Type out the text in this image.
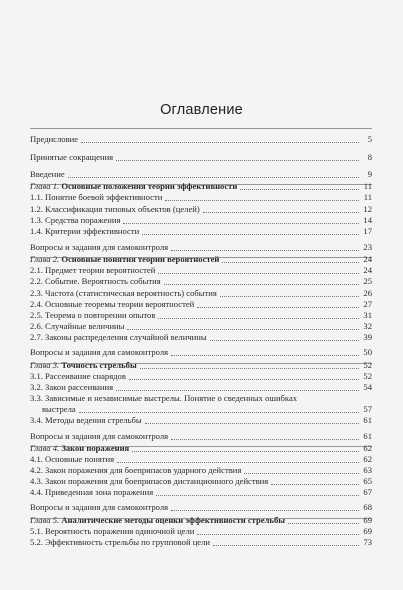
Оглавление
Предисловие	5
Принятые сокращения	8
Введение	9
Глава 1. Основные положения теории эффективности	11
1.1. Понятие боевой эффективности	11
1.2. Классификация типовых объектов (целей)	12
1.3. Средства поражения	14
1.4. Критерии эффективности	17
Вопросы и задания для самоконтроля	23
Глава 2. Основные понятия теории вероятностей	24
2.1. Предмет теории вероятностей	24
2.2. Событие. Вероятность события	25
2.3. Частота (статистическая вероятность) события	26
2.4. Основные теоремы теории вероятностей	27
2.5. Теорема о повторении опытов	31
2.6. Случайные величины	32
2.7. Законы распределения случайной величины	39
Вопросы и задания для самоконтроля	50
Глава 3. Точность стрельбы	52
3.1. Рассеивание снарядов	52
3.2. Закон рассеивания	54
3.3. Зависимые и независимые выстрелы. Понятие о сведенных ошибках
выстрела	57
3.4. Методы ведения стрельбы	61
Вопросы и задания для самоконтроля	61
Глава 4. Закон поражения	62
4.1. Основные понятия	62
4.2. Закон поражения для боеприпасов ударного действия	63
4.3. Закон поражения для боеприпасов дистанционного действия	65
4.4. Приведенная зона поражения	67
Вопросы и задания для самоконтроля	68
Глава 5. Аналитические методы оценки эффективности стрельбы	69
5.1. Вероятность поражения одиночной цели	69
5.2. Эффективность стрельбы по групповой цели	73
